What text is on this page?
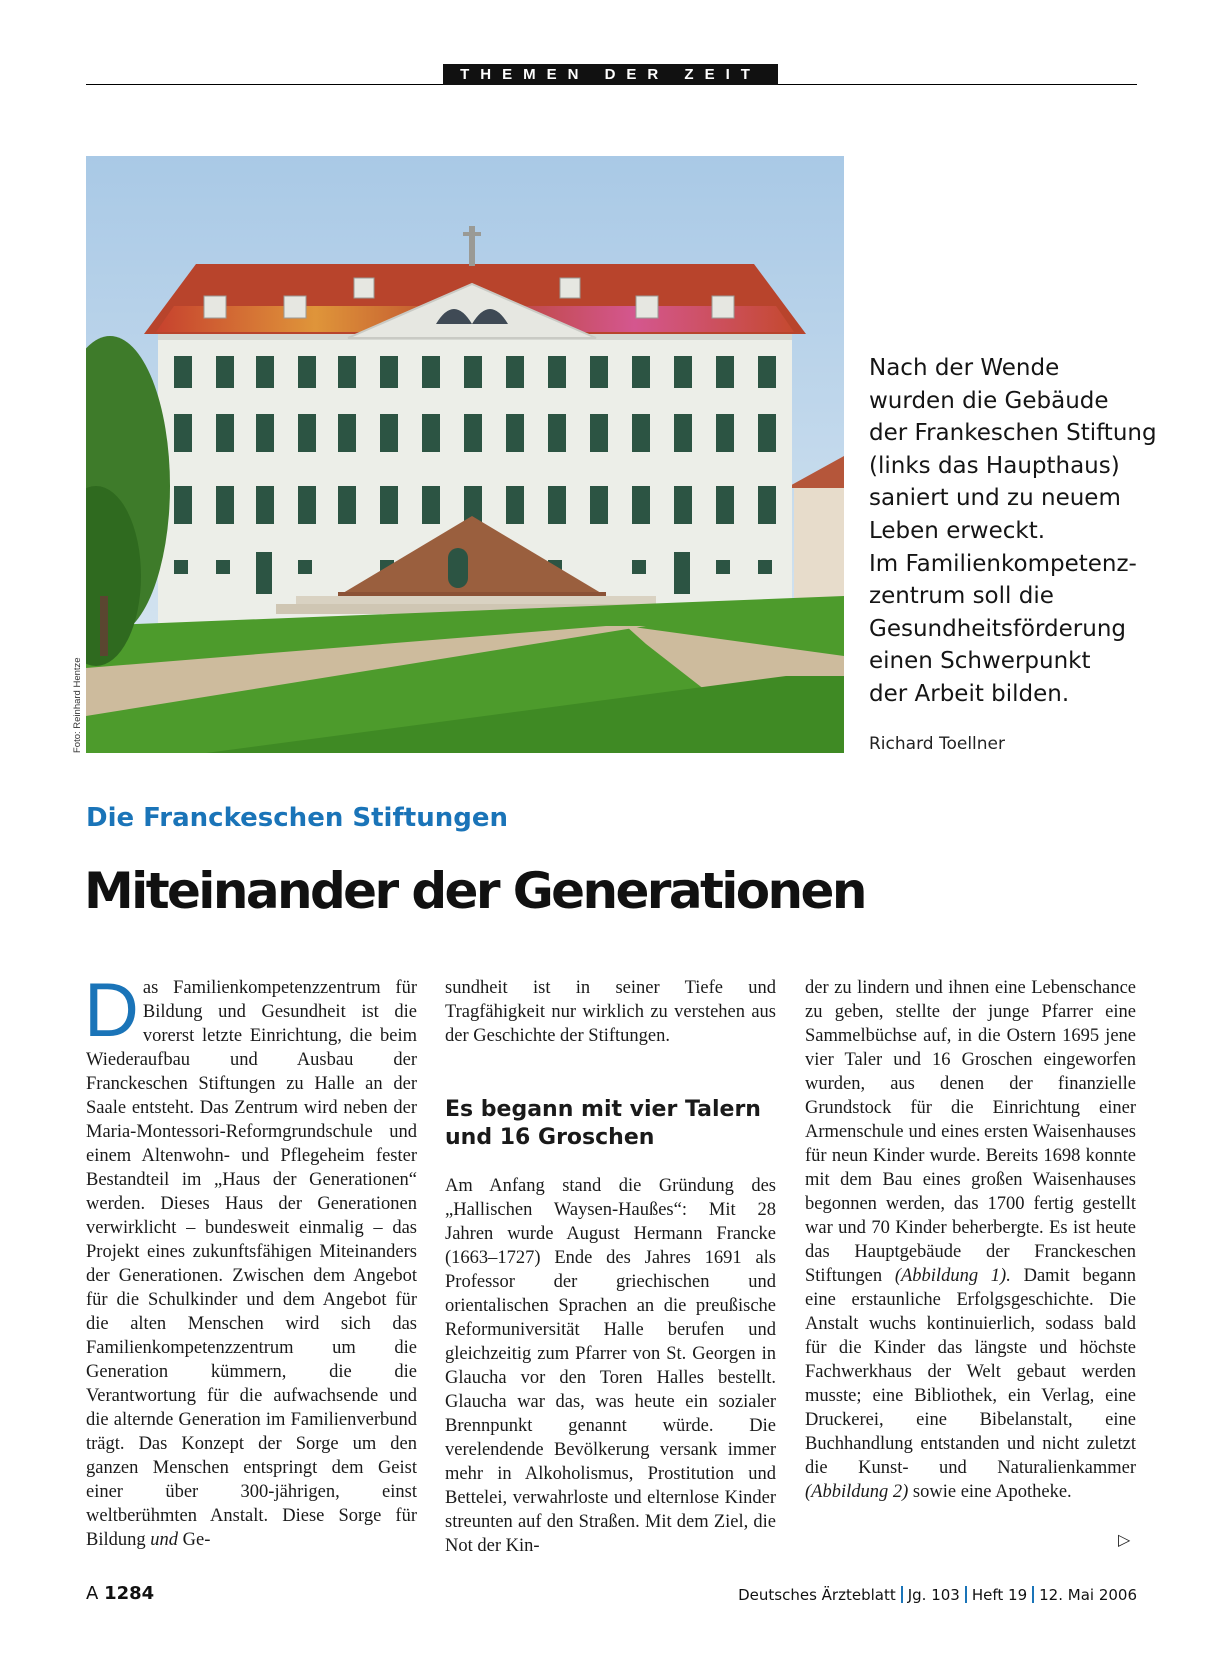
THEMEN DER ZEIT
Foto: Reinhard Hentze
Nach der Wende
wurden die Gebäude
der Frankeschen Stiftung
(links das Haupthaus)
saniert und zu neuem
Leben erweckt.
Im Familienkompetenz-
zentrum soll die
Gesundheitsförderung
einen Schwerpunkt
der Arbeit bilden.
Richard Toellner
Die Franckeschen Stiftungen
Miteinander der Generationen

Das Familienkompetenzzentrum für Bildung und Gesundheit ist die vorerst letzte Einrichtung, die beim Wiederaufbau und Ausbau der Franckeschen Stiftungen zu Halle an der Saale entsteht. Das Zentrum wird neben der Maria-Montessori-Reformgrundschule und einem Altenwohn- und Pflegeheim fester Bestandteil im „Haus der Generationen“ werden. Dieses Haus der Generationen verwirklicht – bundesweit einmalig – das Projekt eines zukunftsfähigen Miteinanders der Generationen. Zwischen dem Angebot für die Schulkinder und dem Angebot für die alten Menschen wird sich das Familienkompetenzzentrum um die Generation kümmern, die die Verantwortung für die aufwachsende und die alternde Generation im Familienverbund trägt. Das Konzept der Sorge um den ganzen Menschen entspringt dem Geist einer über 300-jährigen, einst weltberühmten Anstalt. Diese Sorge für Bildung und Ge-

sundheit ist in seiner Tiefe und Tragfähigkeit nur wirklich zu verstehen aus der Geschichte der Stiftungen.

Es begann mit vier Talern und 16 Groschen

Am Anfang stand die Gründung des „Hallischen Waysen-Haußes“: Mit 28 Jahren wurde August Hermann Francke (1663–1727) Ende des Jahres 1691 als Professor der griechischen und orientalischen Sprachen an die preußische Reformuniversität Halle berufen und gleichzeitig zum Pfarrer von St. Georgen in Glaucha vor den Toren Halles bestellt. Glaucha war das, was heute ein sozialer Brennpunkt genannt würde. Die verelendende Bevölkerung versank immer mehr in Alkoholismus, Prostitution und Bettelei, verwahrloste und elternlose Kinder streunten auf den Straßen. Mit dem Ziel, die Not der Kin-

der zu lindern und ihnen eine Lebenschance zu geben, stellte der junge Pfarrer eine Sammelbüchse auf, in die Ostern 1695 jene vier Taler und 16 Groschen eingeworfen wurden, aus denen der finanzielle Grundstock für die Einrichtung einer Armenschule und eines ersten Waisenhauses für neun Kinder wurde. Bereits 1698 konnte mit dem Bau eines großen Waisenhauses begonnen werden, das 1700 fertig gestellt war und 70 Kinder beherbergte. Es ist heute das Hauptgebäude der Franckeschen Stiftungen (Abbildung 1). Damit begann eine erstaunliche Erfolgsgeschichte. Die Anstalt wuchs kontinuierlich, sodass bald für die Kinder das längste und höchste Fachwerkhaus der Welt gebaut werden musste; eine Bibliothek, ein Verlag, eine Druckerei, eine Bibelanstalt, eine Buchhandlung entstanden und nicht zuletzt die Kunst- und Naturalienkammer (Abbildung 2) sowie eine Apotheke.

▷
A 1284	Deutsches Ärzteblatt Jg. 103 Heft 19 12. Mai 2006
